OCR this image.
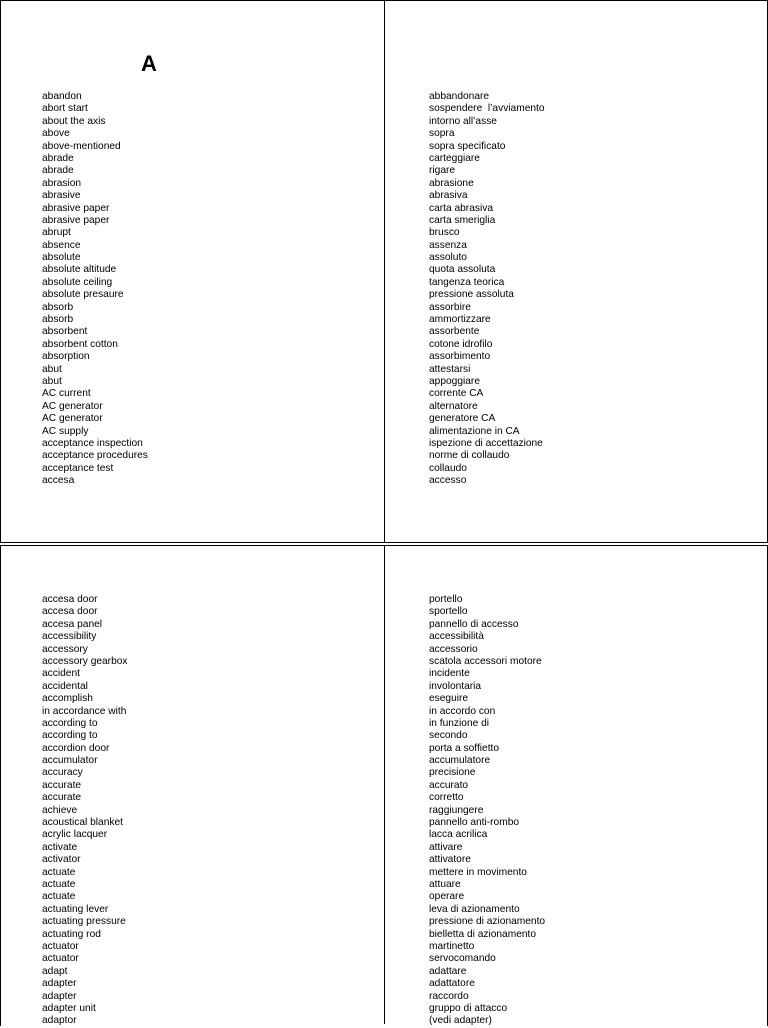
A
abandon
abort start
about the axis
above
above-mentioned
abrade
abrade
abrasion
abrasive
abrasive paper
abrasive paper
abrupt
absence
absolute
absolute altitude
absolute ceiling
absolute presaure
absorb
absorb
absorbent
absorbent cotton
absorption
abut
abut
AC current
AC generator
AC generator
AC supply
acceptance inspection
acceptance procedures
acceptance test
accesa
abbandonare
sospendere  l’avviamento
intorno all’asse
sopra
sopra specificato
carteggiare
rigare
abrasione
abrasiva
carta abrasiva
carta smeriglia
brusco
assenza
assoluto
quota assoluta
tangenza teorica
pressione assoluta
assorbire
ammortizzare
assorbente
cotone idrofilo
assorbimento
attestarsi
appoggiare
corrente CA
alternatore
generatore CA
alimentazione in CA
ispezione di accettazione
norme di collaudo
collaudo
accesso
accesa door
accesa door
accesa panel
accessibility
accessory
accessory gearbox
accident
accidental
accomplish
in accordance with
according to
according to
accordion door
accumulator
accuracy
accurate
accurate
achieve
acoustical blanket
acrylic lacquer
activate
activator
actuate
actuate
actuate
actuating lever
actuating pressure
actuating rod
actuator
actuator
adapt
adapter
adapter
adapter unit
adaptor
portello
sportello
pannello di accesso
accessibilità
accessorio
scatola accessori motore
incidente
involontaria
eseguire
in accordo con
in funzione di
secondo
porta a soffietto
accumulatore
precisione
accurato
corretto
raggiungere
pannello anti-rombo
lacca acrilica
attivare
attivatore
mettere in movimento
attuare
operare
leva di azionamento
pressione di azionamento
bielletta di azionamento
martinetto
servocomando
adattare
adattatore
raccordo
gruppo di attacco
(vedi adapter)
